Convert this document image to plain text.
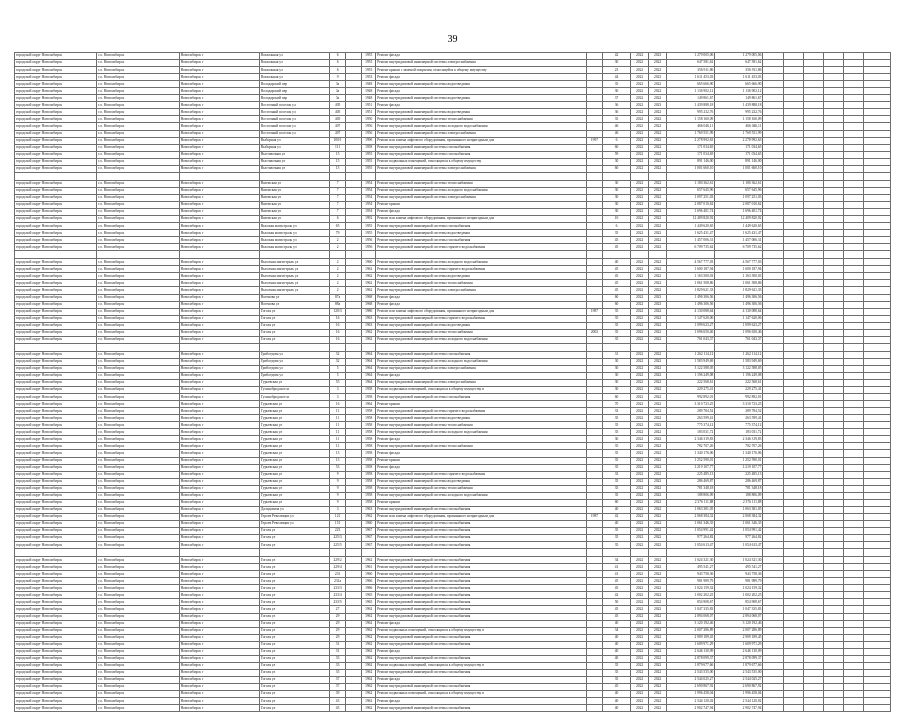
39
городской округ Новосибирск	г.о. Новосибирск	Новосибирск г	Вокзальная ул	6		1955	Ремонт фасада		42	2022	2023	1 279 005,06	1 279 005,06						
городской округ Новосибирск	г.о. Новосибирск	Новосибирск г	Вокзальная ул	6		1955	Ремонт внутридомовой инженерной системы электроснабжения		30	2022	2022	647 581,62	647 581,62						
городской округ Новосибирск	г.о. Новосибирск	Новосибирск г	Вокзальная ул	6		1955	Ремонт крыши с заменой покрытия, относящейся к общему имуществу		23	2022	2022	356 911,86	356 911,86						
городской округ Новосибирск	г.о. Новосибирск	Новосибирск г	Вокзальная ул	9		1953	Ремонт фасада		44	2022	2023	1 611 453,03	1 611 453,03						
городской округ Новосибирск	г.о. Новосибирск	Новосибирск г	Володарский пер	3а		1948	Ремонт внутридомовой инженерной системы водоотведения		35	2022	2022	665 666,90	665 666,90						
городской округ Новосибирск	г.о. Новосибирск	Новосибирск г	Володарский пер	3а		1948	Ремонт фасада		30	2022	2022	1 136 902,12	1 136 902,12						
городской округ Новосибирск	г.о. Новосибирск	Новосибирск г	Володарский пер	3а		1948	Ремонт внутридомовой инженерной системы водоотведения		37	2022	2022	149 861,67	149 861,67						
городской округ Новосибирск	г.о. Новосибирск	Новосибирск г	Восточный поселок ул	405		1951	Ремонт фасада		36	2022	2023	1 439 888,18	1 439 888,18						
городской округ Новосибирск	г.о. Новосибирск	Новосибирск г	Восточный поселок ул	405		1951	Ремонт внутридомовой инженерной системы водоотведения		36	2022	2022	995 232,76	995 232,76						
городской округ Новосибирск	г.о. Новосибирск	Новосибирск г	Восточный поселок ул	405		1950	Ремонт внутридомовой инженерной системы теплоснабжения		35	2022	2022	1 158 160,09	1 158 160,09						
городской округ Новосибирск	г.о. Новосибирск	Новосибирск г	Восточный поселок ул	407		1956	Ремонт внутридомовой инженерной системы холодного водоснабжения		46	2022	2022	466 046,11	466 046,11						
городской округ Новосибирск	г.о. Новосибирск	Новосибирск г	Восточный поселок ул	407		1956	Ремонт внутридомовой инженерной системы электроснабжения		46	2022	2022	1 769 551,99	1 769 551,99						
городской округ Новосибирск	г.о. Новосибирск	Новосибирск г	Выборная ул	100/1		1996	Ремонт или замена лифтового оборудования, признанного непригодным для	1997	6	2022	2022	2 278 992,63	2 278 992,63						
городской округ Новосибирск	г.о. Новосибирск	Новосибирск г	Выборная ул	111		1958	Ремонт внутридомовой инженерной системы газоснабжения		60	2022	2022	171 034,65	171 034,65						
городской округ Новосибирск	г.о. Новосибирск	Новосибирск г	Выставочная ул	15		1955	Ремонт внутридомовой инженерной системы газоснабжения		59	2022	2022	171 034,65	171 034,65						
городской округ Новосибирск	г.о. Новосибирск	Новосибирск г	Выставочная ул	15		1955	Ремонт подвальных помещений, относящихся к общему имуществу		30	2022	2022	891 146,00	891 146,00						
городской округ Новосибирск	г.о. Новосибирск	Новосибирск г	Выставочная ул	15		1955	Ремонт внутридомовой инженерной системы электроснабжения		60	2022	2022	1 001 660,10	1 001 660,10						

городской округ Новосибирск	г.о. Новосибирск	Новосибирск г	Вяземская ул	7		1954	Ремонт внутридомовой инженерной системы теплоснабжения		30	2022	2022	1 180 362,61	1 180 362,61						
городской округ Новосибирск	г.о. Новосибирск	Новосибирск г	Вяземская ул	7		1954	Ремонт внутридомовой инженерной системы холодного водоснабжения		30	2022	2022	657 645,96	657 645,96						
городской округ Новосибирск	г.о. Новосибирск	Новосибирск г	Вяземская ул	7		1954	Ремонт внутридомовой инженерной системы электроснабжения		30	2022	2022	1 097 251,03	1 097 251,03						
городской округ Новосибирск	г.о. Новосибирск	Новосибирск г	Вяземская ул	7		1954	Ремонт крыши		30	2022	2022	2 087 010,62	2 087 010,62						
городской округ Новосибирск	г.о. Новосибирск	Новосибирск г	Вяземская ул	7		1954	Ремонт фасада		30	2022	2022	1 696 401,74	1 696 401,74						
городской округ Новосибирск	г.о. Новосибирск	Новосибирск г	Вяземская ул	6		1992	Ремонт или замена лифтового оборудования, признанного непригодным для		10	2022	2022	12 409 820,92	12 409 820,92						
городской округ Новосибирск	г.о. Новосибирск	Новосибирск г	Высокая магистраль ул	65		1955	Ремонт внутридомовой инженерной системы газоснабжения		6	2022	2022	1 449 620,65	1 449 620,65						
городской округ Новосибирск	г.о. Новосибирск	Новосибирск г	Высокая магистраль ул	79		1955	Ремонт внутридомовой инженерной системы водоотведения		35	2022	2022	1 625 431,47	1 625 431,47						
городской округ Новосибирск	г.о. Новосибирск	Новосибирск г	Высокая магистраль ул	2		1956	Ремонт внутридомовой инженерной системы газоснабжения		45	2022	2022	1 457 006,31	1 457 006,31						
городской округ Новосибирск	г.о. Новосибирск	Новосибирск г	Высокая магистраль ул	2		1956	Ремонт внутридомовой инженерной системы горячего водоснабжения		45	2022	2022	6 709 735,62	6 709 735,62						

городской округ Новосибирск	г.о. Новосибирск	Новосибирск г	Высотная магистраль ул	2		1960	Ремонт внутридомовой инженерной системы холодного водоснабжения		40	2022	2022	4 567 777,03	4 567 777,03						
городской округ Новосибирск	г.о. Новосибирск	Новосибирск г	Высотная магистраль ул	2		1962	Ремонт внутридомовой инженерной системы горячего водоснабжения		45	2022	2022	1 600 187,94	1 600 187,94						
городской округ Новосибирск	г.о. Новосибирск	Новосибирск г	Высотная магистраль ул	2		1962	Ремонт внутридомовой инженерной системы водоотведения		45	2022	2022	1 163 500,03	1 163 500,03						
городской округ Новосибирск	г.о. Новосибирск	Новосибирск г	Высотная магистраль ул	2		1962	Ремонт внутридомовой инженерной системы теплоснабжения		45	2022	2022	1 061 508,86	1 061 508,86						
городской округ Новосибирск	г.о. Новосибирск	Новосибирск г	Высотная магистраль ул	2		1962	Ремонт внутридомовой инженерной системы электроснабжения		45	2022	2022	1 829 621,33	1 829 621,33						
городской округ Новосибирск	г.о. Новосибирск	Новосибирск г	Вогенова ул	87а		1968	Ремонт фасада		60	2022	2023	1 496 306,56	1 496 306,56						
городской округ Новосибирск	г.о. Новосибирск	Новосибирск г	Вогенова ул	88а		1968	Ремонт фасада		60	2022	2023	1 496 306,56	1 496 306,56						
городской округ Новосибирск	г.о. Новосибирск	Новосибирск г	Гоголя ул	120/3		1986	Ремонт или замена лифтового оборудования, признанного непригодным для	1987	35	2022	2022	4 130 088,64	4 130 088,64						
городской округ Новосибирск	г.о. Новосибирск	Новосибирск г	Гоголя ул	16		1963	Ремонт внутридомовой инженерной системы горячего водоснабжения		35	2022	2022	1 147 620,06	1 147 620,06						
городской округ Новосибирск	г.о. Новосибирск	Новосибирск г	Гоголя ул	16		1963	Ремонт внутридомовой инженерной системы водоотведения		35	2022	2022	1 099 623,27	1 099 623,27						
городской округ Новосибирск	г.о. Новосибирск	Новосибирск г	Гоголя ул	16		1962	Ремонт внутридомовой инженерной системы теплоснабжения	2002	35	2022	2022	1 096 650,46	1 096 650,46						
городской округ Новосибирск	г.о. Новосибирск	Новосибирск г	Гоголя ул	16		1962	Ремонт внутридомовой инженерной системы холодного водоснабжения		35	2022	2022	761 043,37	761 043,37						

городской округ Новосибирск	г.о. Новосибирск	Новосибирск г	Грибоедова ул	32		1964	Ремонт внутридомовой инженерной системы газоснабжения		31	2022	2022	1 262 114,12	1 262 114,12						
городской округ Новосибирск	г.о. Новосибирск	Новосибирск г	Грибоедова ул	32		1964	Ремонт внутридомовой инженерной системы холодного водоснабжения		30	2022	2022	1 583 949,69	1 583 949,69						
городской округ Новосибирск	г.о. Новосибирск	Новосибирск г	Грибоедова ул	5		1964	Ремонт внутридомовой инженерной системы электроснабжения		30	2022	2022	3 122 588,05	3 122 588,05						
городской округ Новосибирск	г.о. Новосибирск	Новосибирск г	Грибоедова ул	5		1964	Ремонт фасада		30	2022	2022	1 196 249,08	1 196 249,08						
городской округ Новосибирск	г.о. Новосибирск	Новосибирск г	Гурьевская ул	55		1964	Ремонт внутридомовой инженерной системы электроснабжения		30	2022	2022	222 568,61	222 568,61						
городской округ Новосибирск	г.о. Новосибирск	Новосибирск г	Гусинобродское ш	3		1958	Ремонт подвальных помещений, относящихся к общему имуществу в		30	2022	2022	229 275,41	229 275,41						
городской округ Новосибирск	г.о. Новосибирск	Новосибирск г	Гусинобродское ш	3		1958	Ремонт внутридомовой инженерной системы газоснабжения		60	2022	2022	992 892,01	992 892,01						
городской округ Новосибирск	г.о. Новосибирск	Новосибирск г	Гурьевская ул	16		1964	Ремонт крыши		70	2022	2022	3 310 723,25	3 310 723,25						
городской округ Новосибирск	г.о. Новосибирск	Новосибирск г	Гурьевская ул	11		1958	Ремонт внутридомовой инженерной системы горячего водоснабжения		33	2022	2022	289 784,52	289 784,52						
городской округ Новосибирск	г.о. Новосибирск	Новосибирск г	Гурьевская ул	11		1958	Ремонт внутридомовой инженерной системы водоотведения		35	2022	2022	263 599,41	263 599,41						
городской округ Новосибирск	г.о. Новосибирск	Новосибирск г	Гурьевская ул	11		1958	Ремонт внутридомовой инженерной системы теплоснабжения		35	2022	2022	775 374,12	775 374,12						
городской округ Новосибирск	г.о. Новосибирск	Новосибирск г	Гурьевская ул	11		1958	Ремонт внутридомовой инженерной системы холодного водоснабжения		35	2022	2022	183 031,72	183 031,72						
городской округ Новосибирск	г.о. Новосибирск	Новосибирск г	Гурьевская ул	11		1958	Ремонт фасада		30	2022	2022	2 346 319,83	2 346 319,83						
городской округ Новосибирск	г.о. Новосибирск	Новосибирск г	Гурьевская ул	11		1958	Ремонт внутридомовой инженерной системы теплоснабжения		35	2022	2022	782 707,26	782 707,26						
городской округ Новосибирск	г.о. Новосибирск	Новосибирск г	Гурьевская ул	13		1958	Ремонт фасада		35	2022	2022	1 340 176,06	1 340 176,06						
городской округ Новосибирск	г.о. Новосибирск	Новосибирск г	Гурьевская ул	13		1958	Ремонт крыши		35	2022	2022	1 252 590,01	1 252 590,01						
городской округ Новосибирск	г.о. Новосибирск	Новосибирск г	Гурьевская ул	53		1958	Ремонт фасада		35	2022	2022	1 219 107,77	1 219 107,77						
городской округ Новосибирск	г.о. Новосибирск	Новосибирск г	Гурьевская ул	9		1958	Ремонт внутридомовой инженерной системы горячего водоснабжения		33	2022	2022	225 485,13	225 485,13						
городской округ Новосибирск	г.о. Новосибирск	Новосибирск г	Гурьевская ул	9		1958	Ремонт внутридомовой инженерной системы водоотведения		35	2022	2022	286 469,87	286 469,87						
городской округ Новосибирск	г.о. Новосибирск	Новосибирск г	Гурьевская ул	9		1958	Ремонт внутридомовой инженерной системы теплоснабжения		35	2022	2022	781 348,18	781 348,18						
городской округ Новосибирск	г.о. Новосибирск	Новосибирск г	Гурьевская ул	9		1958	Ремонт внутридомовой инженерной системы холодного водоснабжения		35	2022	2022	188 806,09	188 806,09						
городской округ Новосибирск	г.о. Новосибирск	Новосибирск г	Гурьевская ул	9		1958	Ремонт крыши		60	2022	2022	2 376 111,88	2 376 111,88						
городской округ Новосибирск	г.о. Новосибирск	Новосибирск г	Далидовича ул	3		1963	Ремонт внутридомовой инженерной системы газоснабжения		40	2022	2022	1 063 381,05	1 063 381,05						
городской округ Новосибирск	г.о. Новосибирск	Новосибирск г	Героев Революции ул	121		1962	Ремонт или замена лифтового оборудования, признанного непригодным для	1987	42	2022	2022	2 068 384,32	2 068 384,32						
городской округ Новосибирск	г.о. Новосибирск	Новосибирск г	Героев Революции ул	151		1960	Ремонт внутридомовой инженерной системы газоснабжения		40	2022	2022	1 061 346,35	1 061 346,35						
городской округ Новосибирск	г.о. Новосибирск	Новосибирск г	Гоголя ул	223		1967	Ремонт внутридомовой инженерной системы газоснабжения		35	2022	2022	1 054 991,42	1 054 991,42						
городской округ Новосибирск	г.о. Новосибирск	Новосибирск г	Гоголя ул	225/3		1967	Ремонт внутридомовой инженерной системы газоснабжения		35	2022	2022	977 264,82	977 264,82						
городской округ Новосибирск	г.о. Новосибирск	Новосибирск г	Гоголя ул	225/5		1967	Ремонт внутридомовой инженерной системы газоснабжения		35	2022	2022	1 054 613,47	1 054 613,47						

городской округ Новосибирск	г.о. Новосибирск	Новосибирск г	Гоголя ул	229/2		1962	Ремонт внутридомовой инженерной системы газоснабжения		34	2022	2022	1 024 321,30	1 024 321,30						
городской округ Новосибирск	г.о. Новосибирск	Новосибирск г	Гоголя ул	229/4		1961	Ремонт внутридомовой инженерной системы газоснабжения		41	2022	2022	495 541,27	495 541,27						
городской округ Новосибирск	г.о. Новосибирск	Новосибирск г	Гоголя ул	231		1960	Ремонт внутридомовой инженерной системы газоснабжения		41	2022	2022	943 758,36	943 758,36						
городской округ Новосибирск	г.о. Новосибирск	Новосибирск г	Гоголя ул	231а		1966	Ремонт внутридомовой инженерной системы газоснабжения		45	2022	2022	981 989,79	981 989,79						
городской округ Новосибирск	г.о. Новосибирск	Новосибирск г	Гоголя ул	233/3		1966	Ремонт внутридомовой инженерной системы газоснабжения		45	2022	2022	1 024 159,32	1 024 159,32						
городской округ Новосибирск	г.о. Новосибирск	Новосибирск г	Гоголя ул	233/4		1965	Ремонт внутридомовой инженерной системы газоснабжения		42	2022	2022	1 002 202,25	1 002 202,25						
городской округ Новосибирск	г.о. Новосибирск	Новосибирск г	Гоголя ул	233/5		1965	Ремонт внутридомовой инженерной системы газоснабжения		50	2022	2022	854 908,67	854 908,67						
городской округ Новосибирск	г.о. Новосибирск	Новосибирск г	Гоголя ул	27		1962	Ремонт внутридомовой инженерной системы газоснабжения		45	2022	2022	1 047 335,83	1 047 335,83						
городской округ Новосибирск	г.о. Новосибирск	Новосибирск г	Гоголя ул	29		1962	Ремонт внутридомовой инженерной системы газоснабжения		45	2022	2022	2 894 068,07	2 894 068,07						
городской округ Новосибирск	г.о. Новосибирск	Новосибирск г	Гоголя ул	29		1962	Ремонт фасада		40	2022	2022	3 120 192,46	3 120 192,46						
городской округ Новосибирск	г.о. Новосибирск	Новосибирск г	Гоголя ул	29		1962	Ремонт подвальных помещений, относящихся к общему имуществу в		34	2022	2022	2 007 286,89	2 007 286,89						
городской округ Новосибирск	г.о. Новосибирск	Новосибирск г	Гоголя ул	29		1962	Ремонт внутридомовой инженерной системы газоснабжения		40	2022	2022	2 909 189,45	2 909 189,45						
городской округ Новосибирск	г.о. Новосибирск	Новосибирск г	Гоголя ул	31		1962	Ремонт внутридомовой инженерной системы газоснабжения		40	2022	2022	1 609 971,29	1 609 971,29						
городской округ Новосибирск	г.о. Новосибирск	Новосибирск г	Гоголя ул	31		1962	Ремонт фасада		40	2022	2022	2 646 130,09	2 646 130,09						
городской округ Новосибирск	г.о. Новосибирск	Новосибирск г	Гоголя ул	33		1962	Ремонт внутридомовой инженерной системы газоснабжения		40	2022	2022	2 878 099,37	2 878 099,37						
городской округ Новосибирск	г.о. Новосибирск	Новосибирск г	Гоголя ул	33		1962	Ремонт подвальных помещений, относящихся к общему имуществу в		35	2022	2022	1 879 677,66	1 879 677,66						
городской округ Новосибирск	г.о. Новосибирск	Новосибирск г	Гоголя ул	35		1962	Ремонт внутридомовой инженерной системы газоснабжения		35	2022	2022	2 543 535,00	2 543 535,00						
городской округ Новосибирск	г.о. Новосибирск	Новосибирск г	Гоголя ул	37		1962	Ремонт фасада		35	2022	2022	2 544 025,27	2 544 025,27						
городской округ Новосибирск	г.о. Новосибирск	Новосибирск г	Гоголя ул	37		1962	Ремонт внутридомовой инженерной системы газоснабжения		45	2022	2022	2 690 867,92	2 690 867,92						
городской округ Новосибирск	г.о. Новосибирск	Новосибирск г	Гоголя ул	39		1962	Ремонт подвальных помещений, относящихся к общему имуществу в		40	2022	2022	1 996 458,04	1 996 458,04						
городской округ Новосибирск	г.о. Новосибирск	Новосибирск г	Гоголя ул	43		1962	Ремонт фасада		40	2022	2022	2 544 120,02	2 544 120,02						
городской округ Новосибирск	г.о. Новосибирск	Новосибирск г	Гоголя ул	45		1962	Ремонт внутридомовой инженерной системы газоснабжения		40	2022	2022	2 902 747,94	2 902 747,94						
